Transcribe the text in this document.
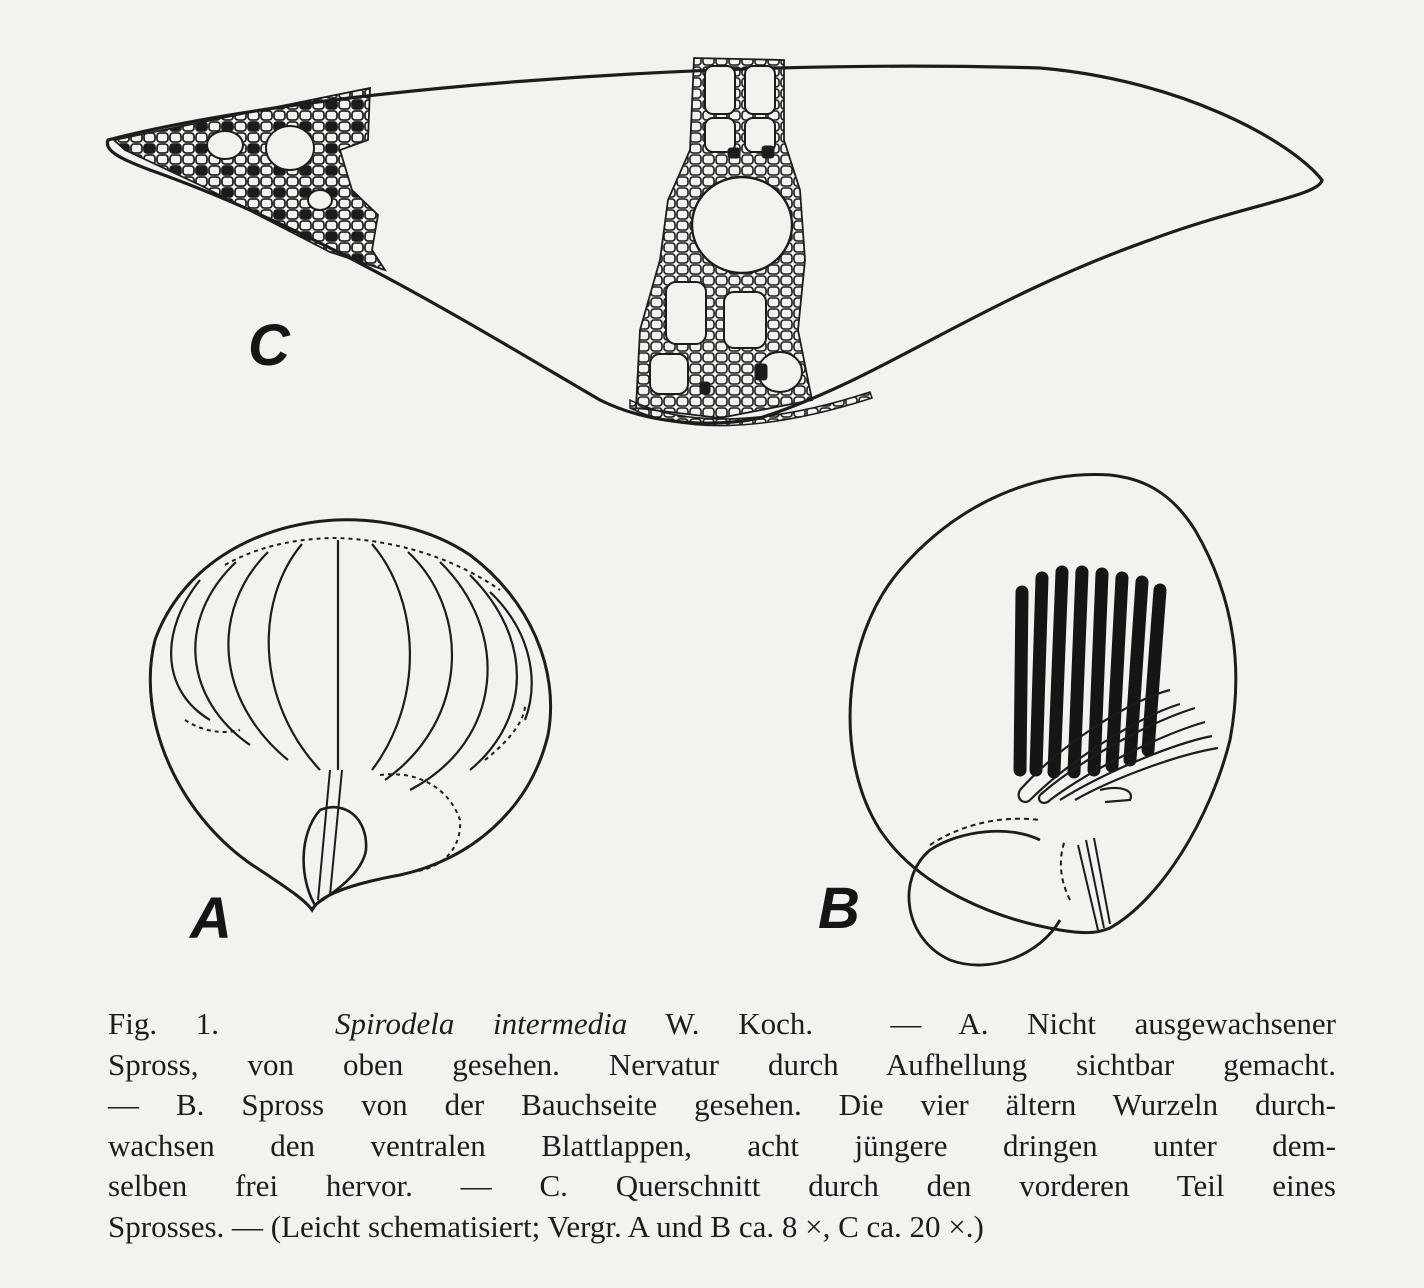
C
A	B
Fig. 1.	Spirodela intermedia W. Koch. — A. Nicht ausgewachsener
Spross, von oben gesehen. Nervatur durch Aufhellung sichtbar gemacht.
— B. Spross von der Bauchseite gesehen. Die vier ältern Wurzeln durch-
wachsen den ventralen Blattlappen, acht jüngere dringen unter dem-
selben frei hervor. — C. Querschnitt durch den vorderen Teil eines
Sprosses. — (Leicht schematisiert; Vergr. A und B ca. 8 ×, C ca. 20 ×.)
